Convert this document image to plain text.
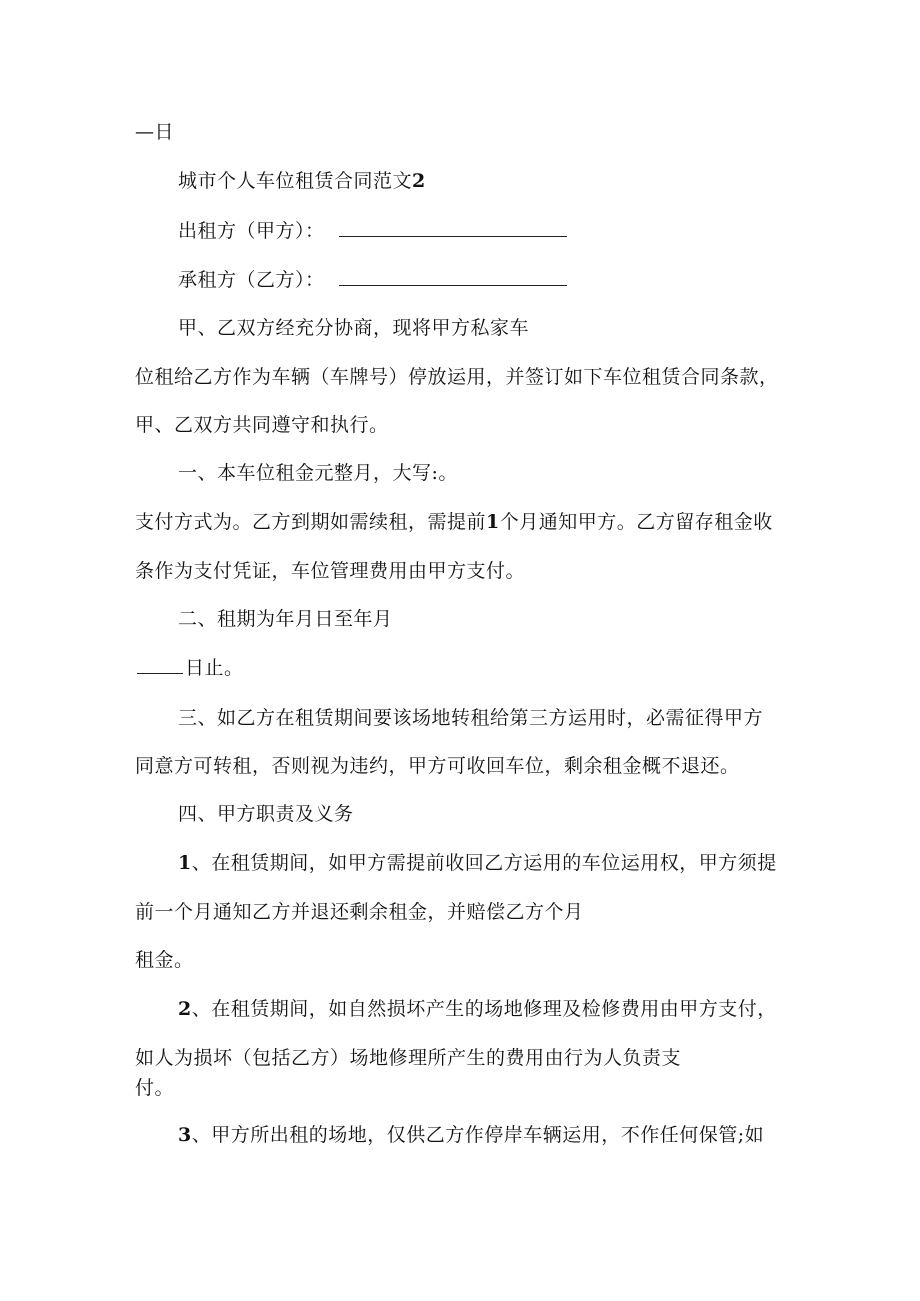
—日
城市个人车位租赁合同范文2
出租方（甲方）：
承租方（乙方）：
甲、乙双方经充分协商，现将甲方私家车
位租给乙方作为车辆（车牌号）停放运用，并签订如下车位租赁合同条款，
甲、乙双方共同遵守和执行。
一、本车位租金元整月，大写:。
支付方式为。乙方到期如需续租，需提前1个月通知甲方。乙方留存租金收
条作为支付凭证，车位管理费用由甲方支付。
二、租期为年月日至年月
日止。
三、如乙方在租赁期间要该场地转租给第三方运用时，必需征得甲方
同意方可转租，否则视为违约，甲方可收回车位，剩余租金概不退还。
四、甲方职责及义务
1、在租赁期间，如甲方需提前收回乙方运用的车位运用权，甲方须提
前一个月通知乙方并退还剩余租金，并赔偿乙方个月
租金。
2、在租赁期间，如自然损坏产生的场地修理及检修费用由甲方支付，
如人为损坏（包括乙方）场地修理所产生的费用由行为人负责支
付。
3、甲方所出租的场地，仅供乙方作停岸车辆运用，不作任何保管;如
